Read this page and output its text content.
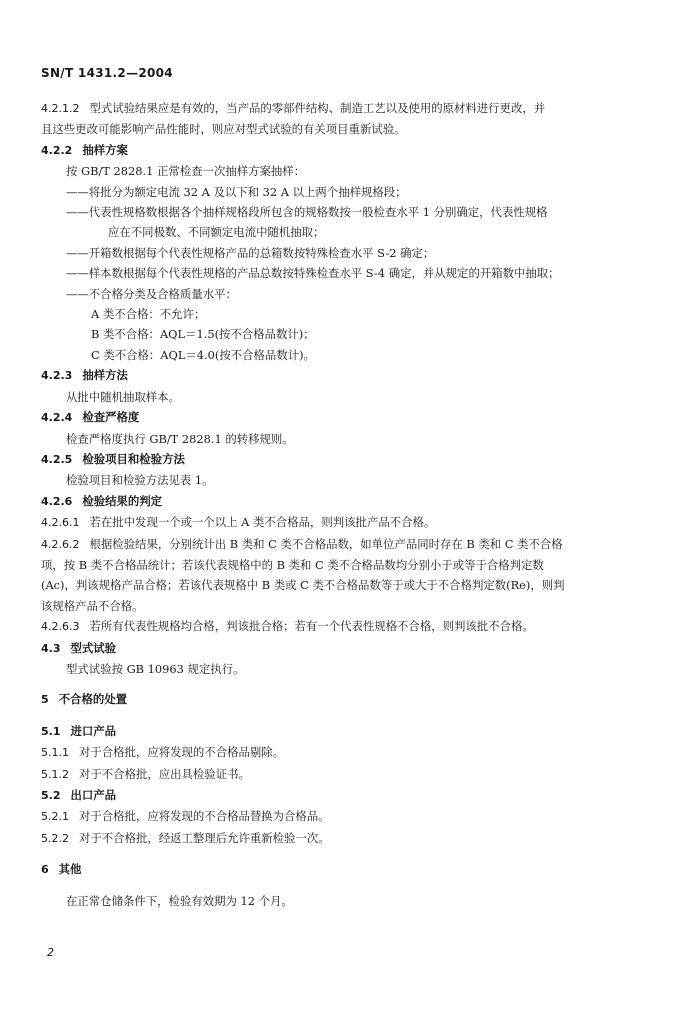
SN/T 1431.2—2004
4.2.1.2 型式试验结果应是有效的，当产品的零部件结构、制造工艺以及使用的原材料进行更改，并
且这些更改可能影响产品性能时，则应对型式试验的有关项目重新试验。
4.2.2 抽样方案
按 GB/T 2828.1 正常检查一次抽样方案抽样：
——将批分为额定电流 32 A 及以下和 32 A 以上两个抽样规格段；
——代表性规格数根据各个抽样规格段所包含的规格数按一般检查水平 1 分别确定，代表性规格
应在不同极数、不同额定电流中随机抽取；
——开箱数根据每个代表性规格产品的总箱数按特殊检查水平 S-2 确定；
——样本数根据每个代表性规格的产品总数按特殊检查水平 S-4 确定，并从规定的开箱数中抽取；
——不合格分类及合格质量水平：
A 类不合格：不允许；
B 类不合格：AQL＝1.5(按不合格品数计)；
C 类不合格：AQL＝4.0(按不合格品数计)。
4.2.3 抽样方法
从批中随机抽取样本。
4.2.4 检查严格度
检查严格度执行 GB/T 2828.1 的转移规则。
4.2.5 检验项目和检验方法
检验项目和检验方法见表 1。
4.2.6 检验结果的判定
4.2.6.1 若在批中发现一个或一个以上 A 类不合格品，则判该批产品不合格。
4.2.6.2 根据检验结果，分别统计出 B 类和 C 类不合格品数，如单位产品同时存在 B 类和 C 类不合格
项，按 B 类不合格品统计；若该代表规格中的 B 类和 C 类不合格品数均分别小于或等于合格判定数
(Ac)，判该规格产品合格；若该代表规格中 B 类或 C 类不合格品数等于或大于不合格判定数(Re)，则判
该规格产品不合格。
4.2.6.3 若所有代表性规格均合格，判该批合格；若有一个代表性规格不合格，则判该批不合格。
4.3 型式试验
型式试验按 GB 10963 规定执行。
5 不合格的处置
5.1 进口产品
5.1.1 对于合格批，应将发现的不合格品剔除。
5.1.2 对于不合格批，应出具检验证书。
5.2 出口产品
5.2.1 对于合格批，应将发现的不合格品替换为合格品。
5.2.2 对于不合格批，经返工整理后允许重新检验一次。
6 其他
在正常仓储条件下，检验有效期为 12 个月。
2
